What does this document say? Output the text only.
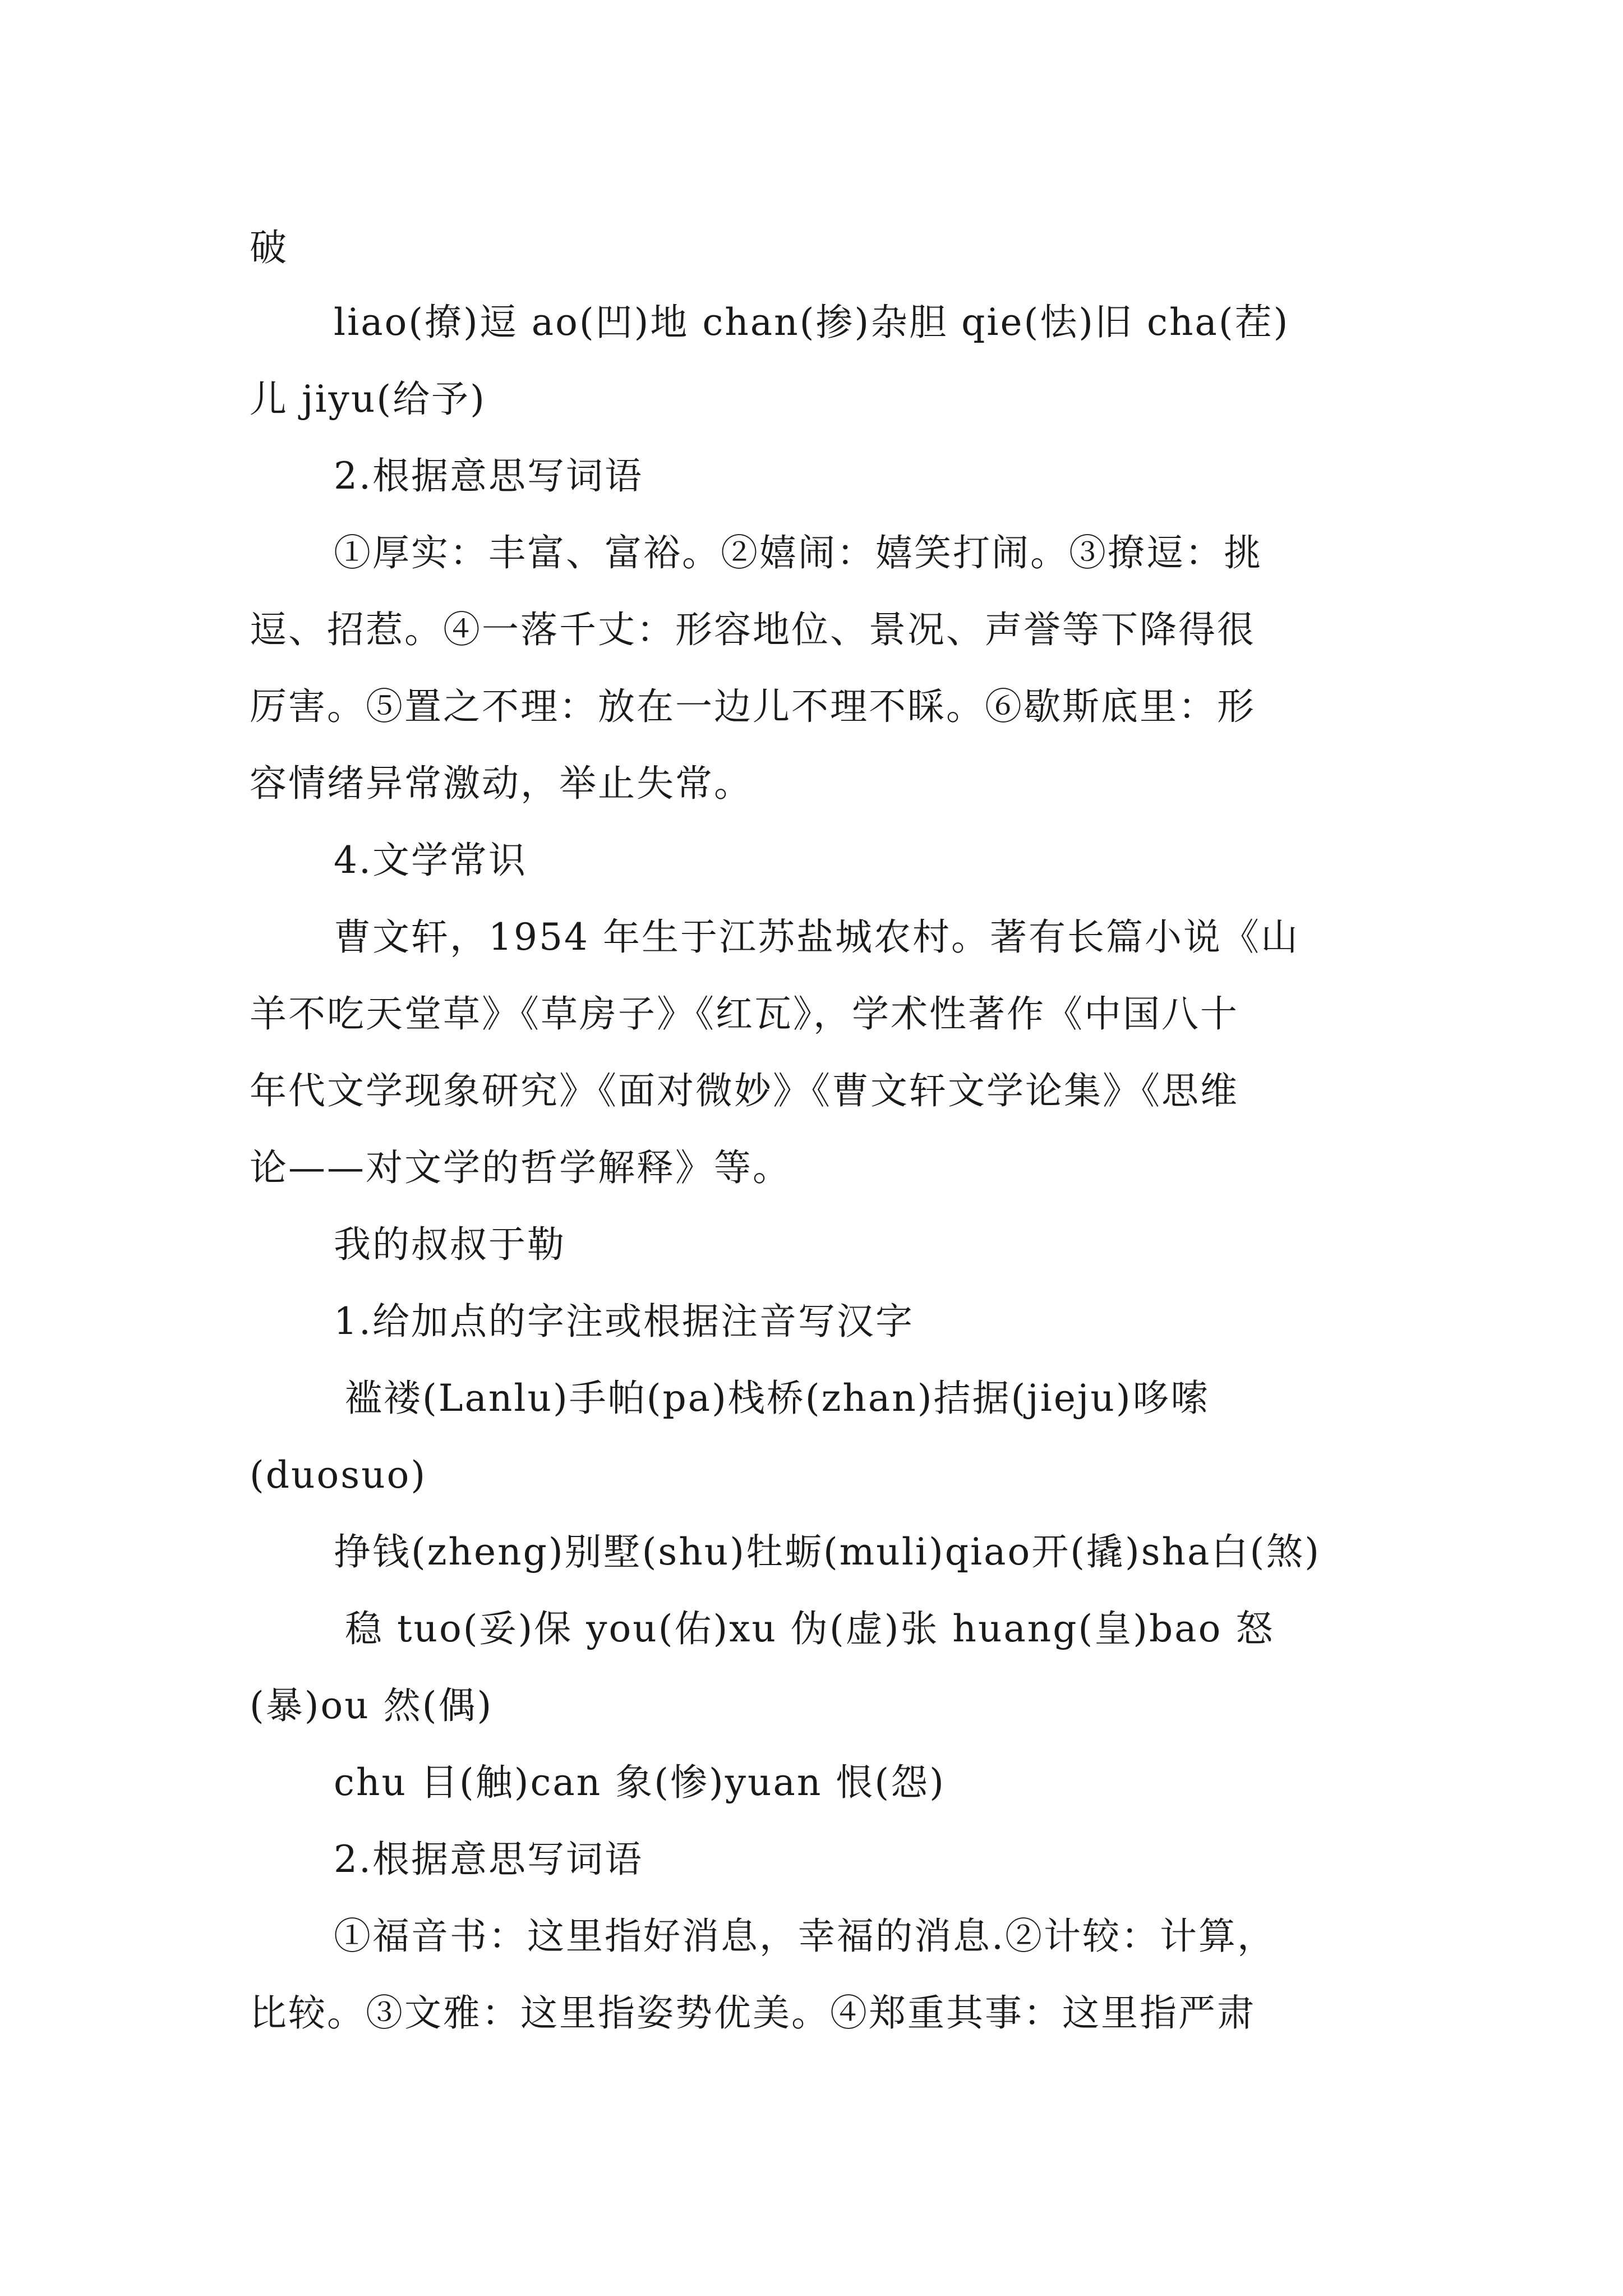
破
liao(撩)逗 ao(凹)地 chan(掺)杂胆 qie(怯)旧 cha(茬)
儿 jiyu(给予)
2.根据意思写词语
①厚实：丰富、富裕。②嬉闹：嬉笑打闹。③撩逗：挑
逗、招惹。④一落千丈：形容地位、景况、声誉等下降得很
厉害。⑤置之不理：放在一边儿不理不睬。⑥歇斯底里：形
容情绪异常激动，举止失常。
4.文学常识
曹文轩，1954 年生于江苏盐城农村。著有长篇小说《山
羊不吃天堂草》《草房子》《红瓦》，学术性著作《中国八十
年代文学现象研究》《面对微妙》《曹文轩文学论集》《思维
论——对文学的哲学解释》等。
我的叔叔于勒
1.给加点的字注或根据注音写汉字
褴褛(Lanlu)手帕(pa)栈桥(zhan)拮据(jieju)哆嗦
(duosuo)
挣钱(zheng)别墅(shu)牡蛎(muli)qiao开(撬)sha白(煞)
稳 tuo(妥)保 you(佑)xu 伪(虚)张 huang(皇)bao 怒
(暴)ou 然(偶)
chu 目(触)can 象(惨)yuan 恨(怨)
2.根据意思写词语
①福音书：这里指好消息，幸福的消息.②计较：计算，
比较。③文雅：这里指姿势优美。④郑重其事：这里指严肃
